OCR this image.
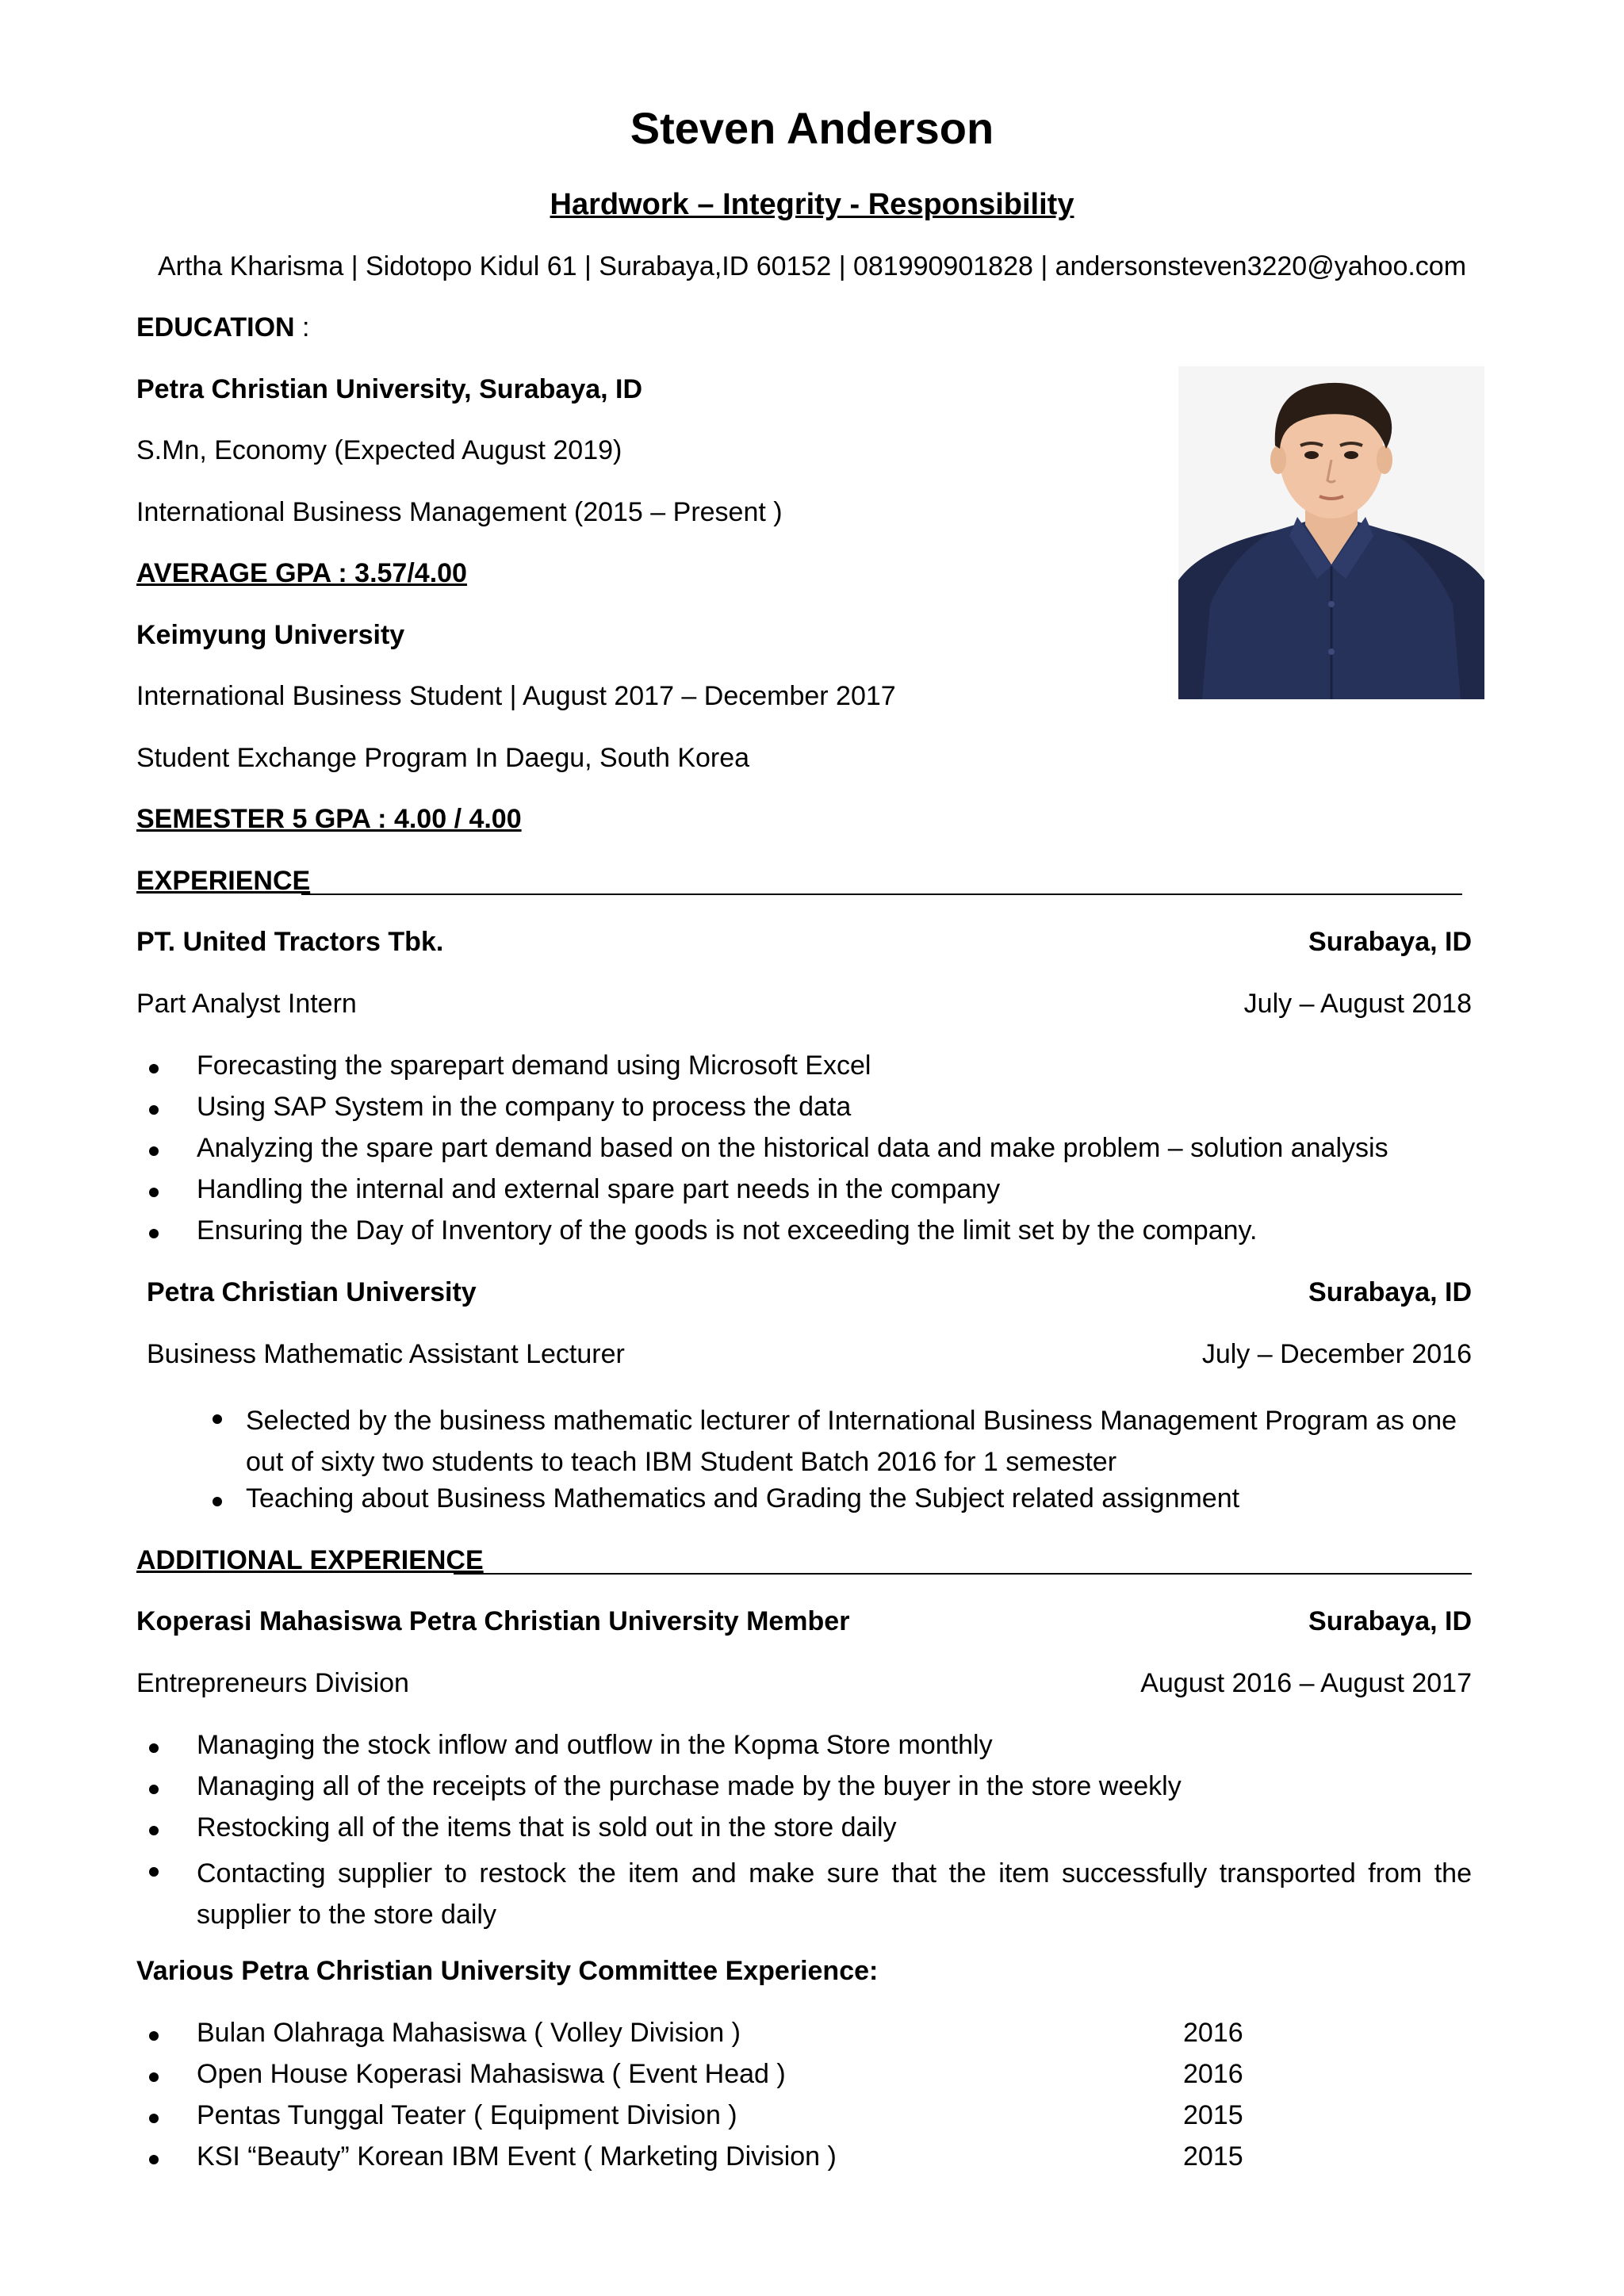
Steven Anderson
Hardwork – Integrity - Responsibility
Artha Kharisma | Sidotopo Kidul 61 | Surabaya,ID 60152 | 081990901828 | andersonsteven3220@yahoo.com
EDUCATION :
Petra Christian University, Surabaya, ID
S.Mn, Economy (Expected August 2019)
International Business Management (2015 – Present )
AVERAGE GPA : 3.57/4.00
Keimyung University
International Business Student | August 2017 – December 2017
Student Exchange Program In Daegu, South Korea
SEMESTER 5 GPA : 4.00 / 4.00
EXPERIENCE
PT. United Tractors Tbk.	Surabaya, ID
Part Analyst Intern	July – August 2018
Forecasting the sparepart demand using Microsoft Excel
Using SAP System in the company to process the data
Analyzing the spare part demand based on the historical data and make problem – solution analysis
Handling the internal and external spare part needs in the company
Ensuring the Day of Inventory of the goods is not exceeding the limit set by the company.
Petra Christian University	Surabaya, ID
Business Mathematic Assistant Lecturer	July – December 2016
Selected by the business mathematic lecturer of International Business Management Program as one out of sixty two students to teach IBM Student Batch 2016 for 1 semester
Teaching about Business Mathematics and Grading the Subject related assignment
ADDITIONAL EXPERIENCE
Koperasi Mahasiswa Petra Christian University Member	Surabaya, ID
Entrepreneurs Division	August 2016 – August 2017
Managing the stock inflow and outflow in the Kopma Store monthly
Managing all of the receipts of the purchase made by the buyer in the store weekly
Restocking all of the items that is sold out in the store daily
Contacting supplier to restock the item and make sure that the item successfully transported from the supplier to the store daily
Various Petra Christian University Committee Experience:
Bulan Olahraga Mahasiswa ( Volley Division )	2016
Open House Koperasi Mahasiswa ( Event Head )	2016
Pentas Tunggal Teater ( Equipment Division )	2015
KSI “Beauty” Korean IBM Event ( Marketing Division )	2015
